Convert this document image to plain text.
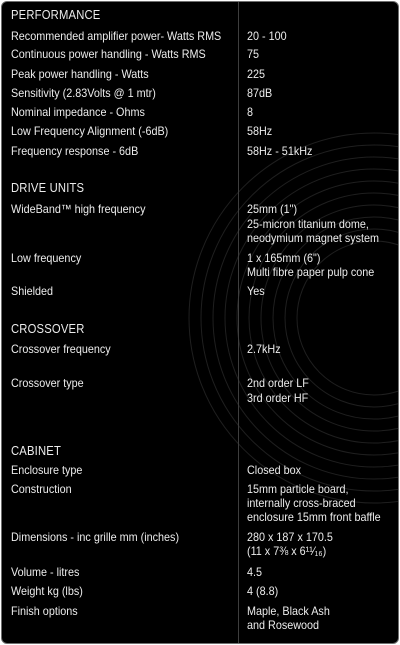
PERFORMANCE
Recommended amplifier power- Watts RMS 20 - 100
Continuous power handling - Watts RMS	75
Peak power handling - Watts	225
Sensitivity (2.83Volts @ 1 mtr)	87dB
Nominal impedance - Ohms	8
Low Frequency Alignment (-6dB)	58Hz
Frequency response - 6dB	58Hz - 51kHz
DRIVE UNITS
WideBand™ high frequency	25mm (1")
25-micron titanium dome,
neodymium magnet system
Low frequency	1 x 165mm (6")
Multi fibre paper pulp cone
Shielded	Yes
CROSSOVER
Crossover frequency	2.7kHz
Crossover type	2nd order LF
3rd order HF
CABINET
Enclosure type	Closed box
Construction	15mm particle board,
internally cross-braced
enclosure 15mm front baffle
Dimensions - inc grille mm (inches)	280 x 187 x 170.5
(11 x 7⅜ x 6¹¹⁄₁₆)
Volume - litres	4.5
Weight kg (lbs)	4 (8.8)
Finish options	Maple, Black Ash
and Rosewood
